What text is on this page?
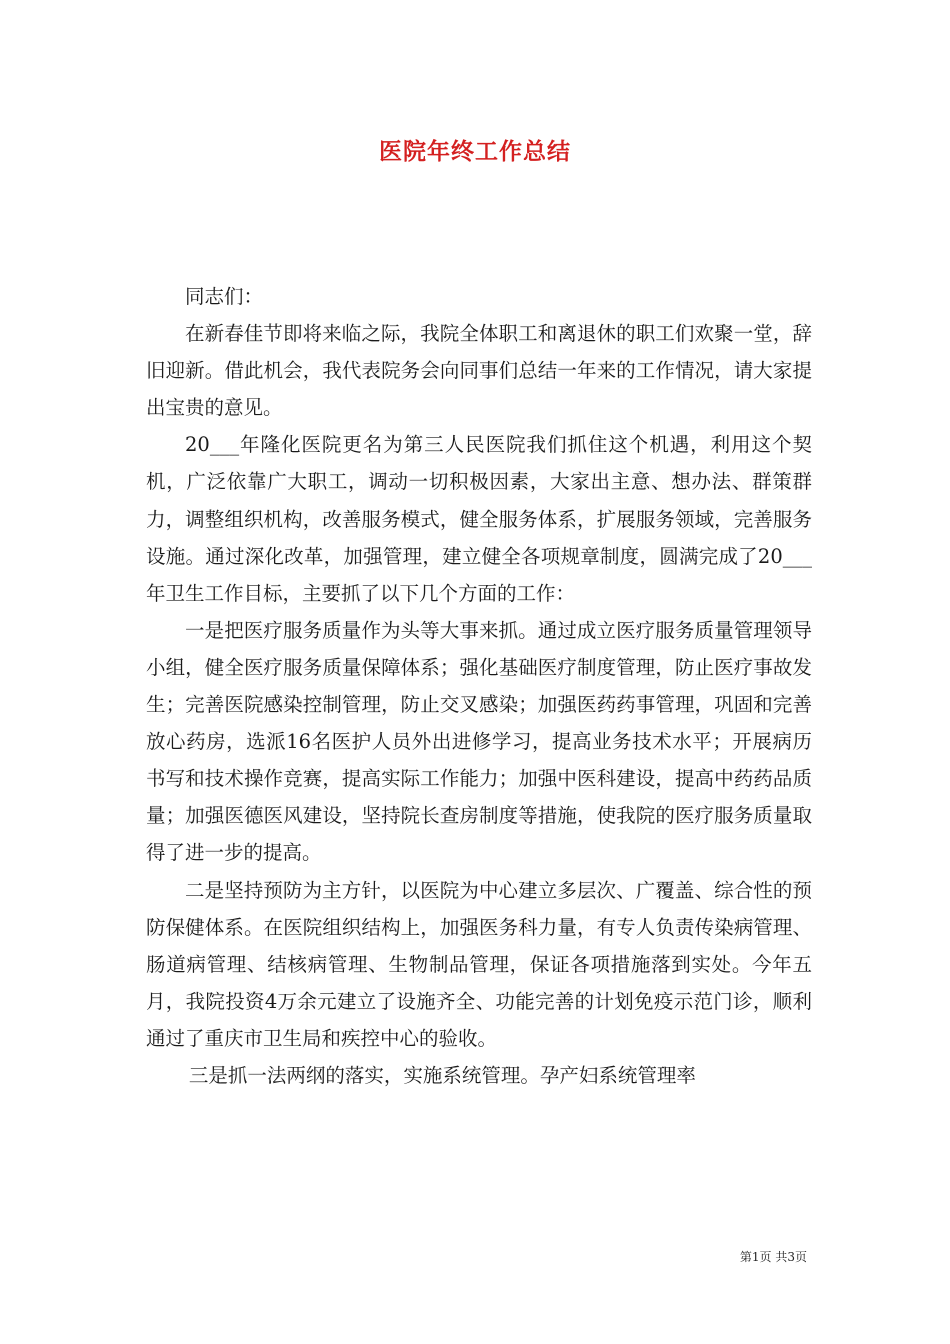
医院年终工作总结

同志们：

在新春佳节即将来临之际，我院全体职工和离退休的职工们欢聚一堂，辞旧迎新。借此机会，我代表院务会向同事们总结一年来的工作情况，请大家提出宝贵的意见。

20___年隆化医院更名为第三人民医院我们抓住这个机遇，利用这个契机，广泛依靠广大职工，调动一切积极因素，大家出主意、想办法、群策群力，调整组织机构，改善服务模式，健全服务体系，扩展服务领域，完善服务设施。通过深化改革，加强管理，建立健全各项规章制度，圆满完成了20___年卫生工作目标，主要抓了以下几个方面的工作：

一是把医疗服务质量作为头等大事来抓。通过成立医疗服务质量管理领导小组，健全医疗服务质量保障体系；强化基础医疗制度管理，防止医疗事故发生；完善医院感染控制管理，防止交叉感染；加强医药药事管理，巩固和完善放心药房，选派16名医护人员外出进修学习，提高业务技术水平；开展病历书写和技术操作竞赛，提高实际工作能力；加强中医科建设，提高中药药品质量；加强医德医风建设，坚持院长查房制度等措施，使我院的医疗服务质量取得了进一步的提高。

二是坚持预防为主方针，以医院为中心建立多层次、广覆盖、综合性的预防保健体系。在医院组织结构上，加强医务科力量，有专人负责传染病管理、肠道病管理、结核病管理、生物制品管理，保证各项措施落到实处。今年五月，我院投资4万余元建立了设施齐全、功能完善的计划免疫示范门诊，顺利通过了重庆市卫生局和疾控中心的验收。

三是抓一法两纲的落实，实施系统管理。孕产妇系统管理率

第1页 共3页
